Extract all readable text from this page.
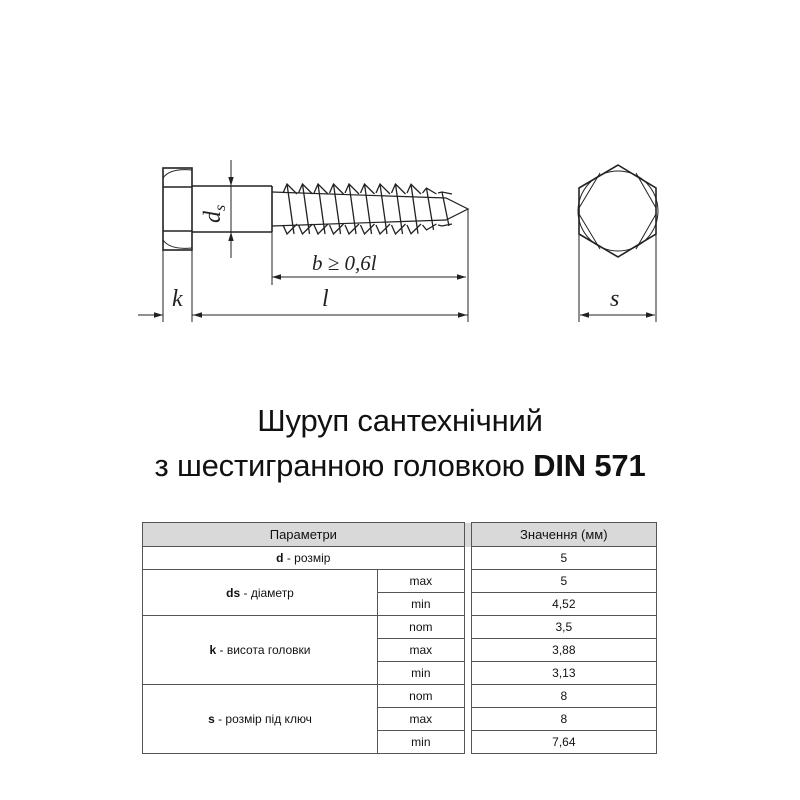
$d_s$
b ≥ 0,6l
k	l	s
Шуруп сантехнічний
з шестигранною головкою DIN 571
Параметри			Значення (мм)
d - розмір			5
ds - діаметр	max		5
	min		4,52
k - висота головки	nom		3,5
	max		3,88
	min		3,13
s - розмір під ключ	nom		8
	max		8
	min		7,64
